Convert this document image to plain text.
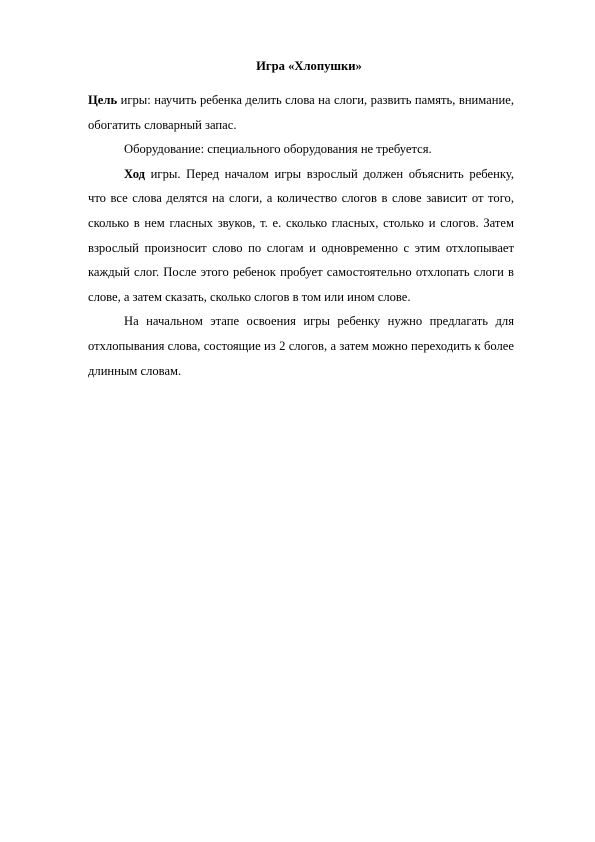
Игра «Хлопушки»

Цель игры: научить ребенка делить слова на слоги, развить память, внимание, обогатить словарный запас.

Оборудование: специального оборудования не требуется.

Ход игры. Перед началом игры взрослый должен объяснить ребенку, что все слова делятся на слоги, а количество слогов в слове зависит от того, сколько в нем гласных звуков, т. е. сколько гласных, столько и слогов. Затем взрослый произносит слово по слогам и одновременно с этим отхлопывает каждый слог. После этого ребенок пробует самостоятельно отхлопать слоги в слове, а затем сказать, сколько слогов в том или ином слове.

На начальном этапе освоения игры ребенку нужно предлагать для отхлопывания слова, состоящие из 2 слогов, а затем можно переходить к более длинным словам.
